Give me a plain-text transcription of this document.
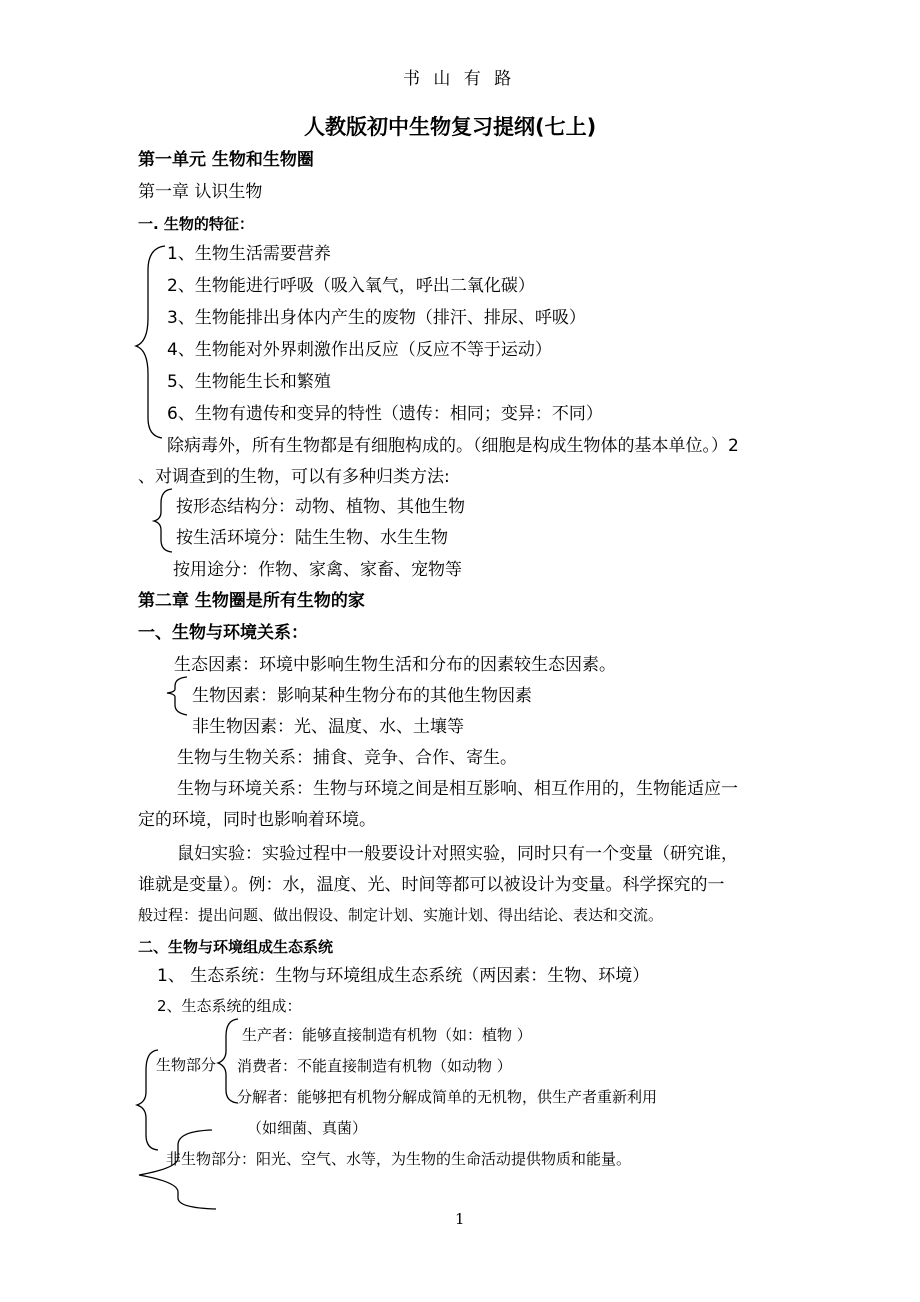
书 山 有 路
人教版初中生物复习提纲(七上)
第一单元 生物和生物圈
第一章 认识生物
一. 生物的特征：
1、生物生活需要营养
2、生物能进行呼吸（吸入氧气，呼出二氧化碳）
3、生物能排出身体内产生的废物（排汗、排尿、呼吸）
4、生物能对外界刺激作出反应（反应不等于运动）
5、生物能生长和繁殖
6、生物有遗传和变异的特性（遗传：相同；变异：不同）
除病毒外，所有生物都是有细胞构成的。（细胞是构成生物体的基本单位。）2
、对调查到的生物，可以有多种归类方法:
按形态结构分：动物、植物、其他生物
按生活环境分：陆生生物、水生生物
按用途分：作物、家禽、家畜、宠物等
第二章 生物圈是所有生物的家
一、生物与环境关系：
生态因素：环境中影响生物生活和分布的因素较生态因素。
生物因素：影响某种生物分布的其他生物因素
非生物因素：光、温度、水、土壤等
生物与生物关系：捕食、竞争、合作、寄生。
生物与环境关系：生物与环境之间是相互影响、相互作用的，生物能适应一
定的环境，同时也影响着环境。
鼠妇实验：实验过程中一般要设计对照实验，同时只有一个变量（研究谁，
谁就是变量）。例：水，温度、光、时间等都可以被设计为变量。科学探究的一
般过程：提出问题、做出假设、制定计划、实施计划、得出结论、表达和交流。
二、生物与环境组成生态系统
1、 生态系统：生物与环境组成生态系统（两因素：生物、环境）
2、生态系统的组成：
生物部分
生产者：能够直接制造有机物（如：植物 ）
消费者：不能直接制造有机物（如动物 ）
分解者：能够把有机物分解成简单的无机物，供生产者重新利用
（如细菌、真菌）
非生物部分：阳光、空气、水等，为生物的生命活动提供物质和能量。
1
